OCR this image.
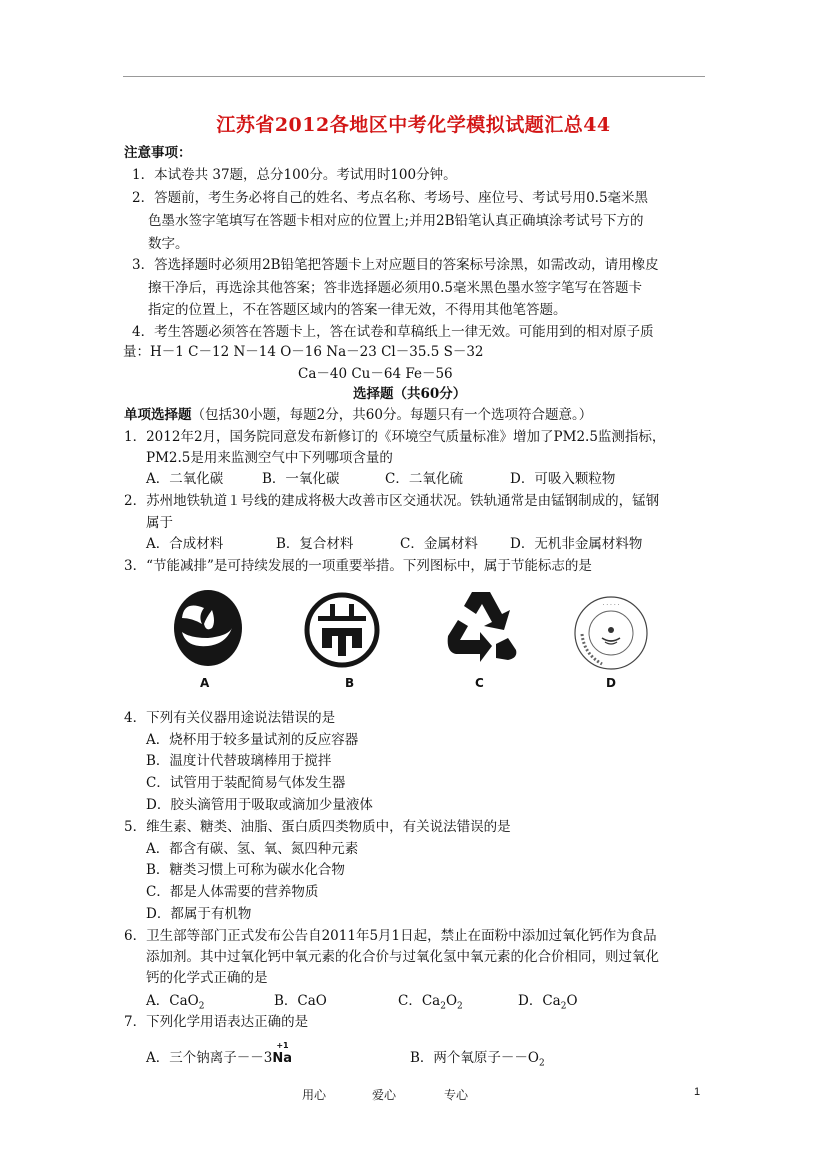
江苏省2012各地区中考化学模拟试题汇总44
注意事项：
1．本试卷共 37题，总分100分。考试用时100分钟。
2．答题前，考生务必将自己的姓名、考点名称、考场号、座位号、考试号用0.5毫米黑
色墨水签字笔填写在答题卡相对应的位置上;并用2B铅笔认真正确填涂考试号下方的
数字。
3．答选择题时必须用2B铅笔把答题卡上对应题目的答案标号涂黑，如需改动，请用橡皮
擦干净后，再选涂其他答案；答非选择题必须用0.5毫米黑色墨水签字笔写在答题卡
指定的位置上，不在答题区域内的答案一律无效，不得用其他笔答题。
4．考生答题必须答在答题卡上，答在试卷和草稿纸上一律无效。可能用到的相对原子质
量：H－1 C－12 N－14 O－16 Na－23 Cl－35.5 S－32
Ca－40 Cu－64 Fe－56
选择题（共60分）
单项选择题（包括30小题，每题2分，共60分。每题只有一个选项符合题意。）
1．2012年2月，国务院同意发布新修订的《环境空气质量标准》增加了PM2.5监测指标，
PM2.5是用来监测空气中下列哪项含量的
A．二氧化碳	B．一氧化碳	C．二氧化硫	D．可吸入颗粒物
2．苏州地铁轨道１号线的建成将极大改善市区交通状况。铁轨通常是由锰钢制成的，锰钢
属于
A．合成材料	B．复合材料	C．金属材料 D．无机非金属材料物
3．“节能减排”是可持续发展的一项重要举措。下列图标中，属于节能标志的是
· · · · ·
A	B	C	D
4．下列有关仪器用途说法错误的是
A．烧杯用于较多量试剂的反应容器
B．温度计代替玻璃棒用于搅拌
C．试管用于装配简易气体发生器
D．胶头滴管用于吸取或滴加少量液体
5．维生素、糖类、油脂、蛋白质四类物质中，有关说法错误的是
A．都含有碳、氢、氧、氮四种元素
B．糖类习惯上可称为碳水化合物
C．都是人体需要的营养物质
D．都属于有机物
6．卫生部等部门正式发布公告自2011年5月1日起，禁止在面粉中添加过氧化钙作为食品
添加剂。其中过氧化钙中氧元素的化合价与过氧化氢中氧元素的化合价相同，则过氧化
钙的化学式正确的是
A．CaO$_2$	B．CaO	C．$Ca_2O_2$	D．$Ca_2O$
7．下列化学用语表达正确的是
A．三个钠离子－－3
+1
Na	B．两个氧原子$--O_2$
用心	爱心	专心	1
